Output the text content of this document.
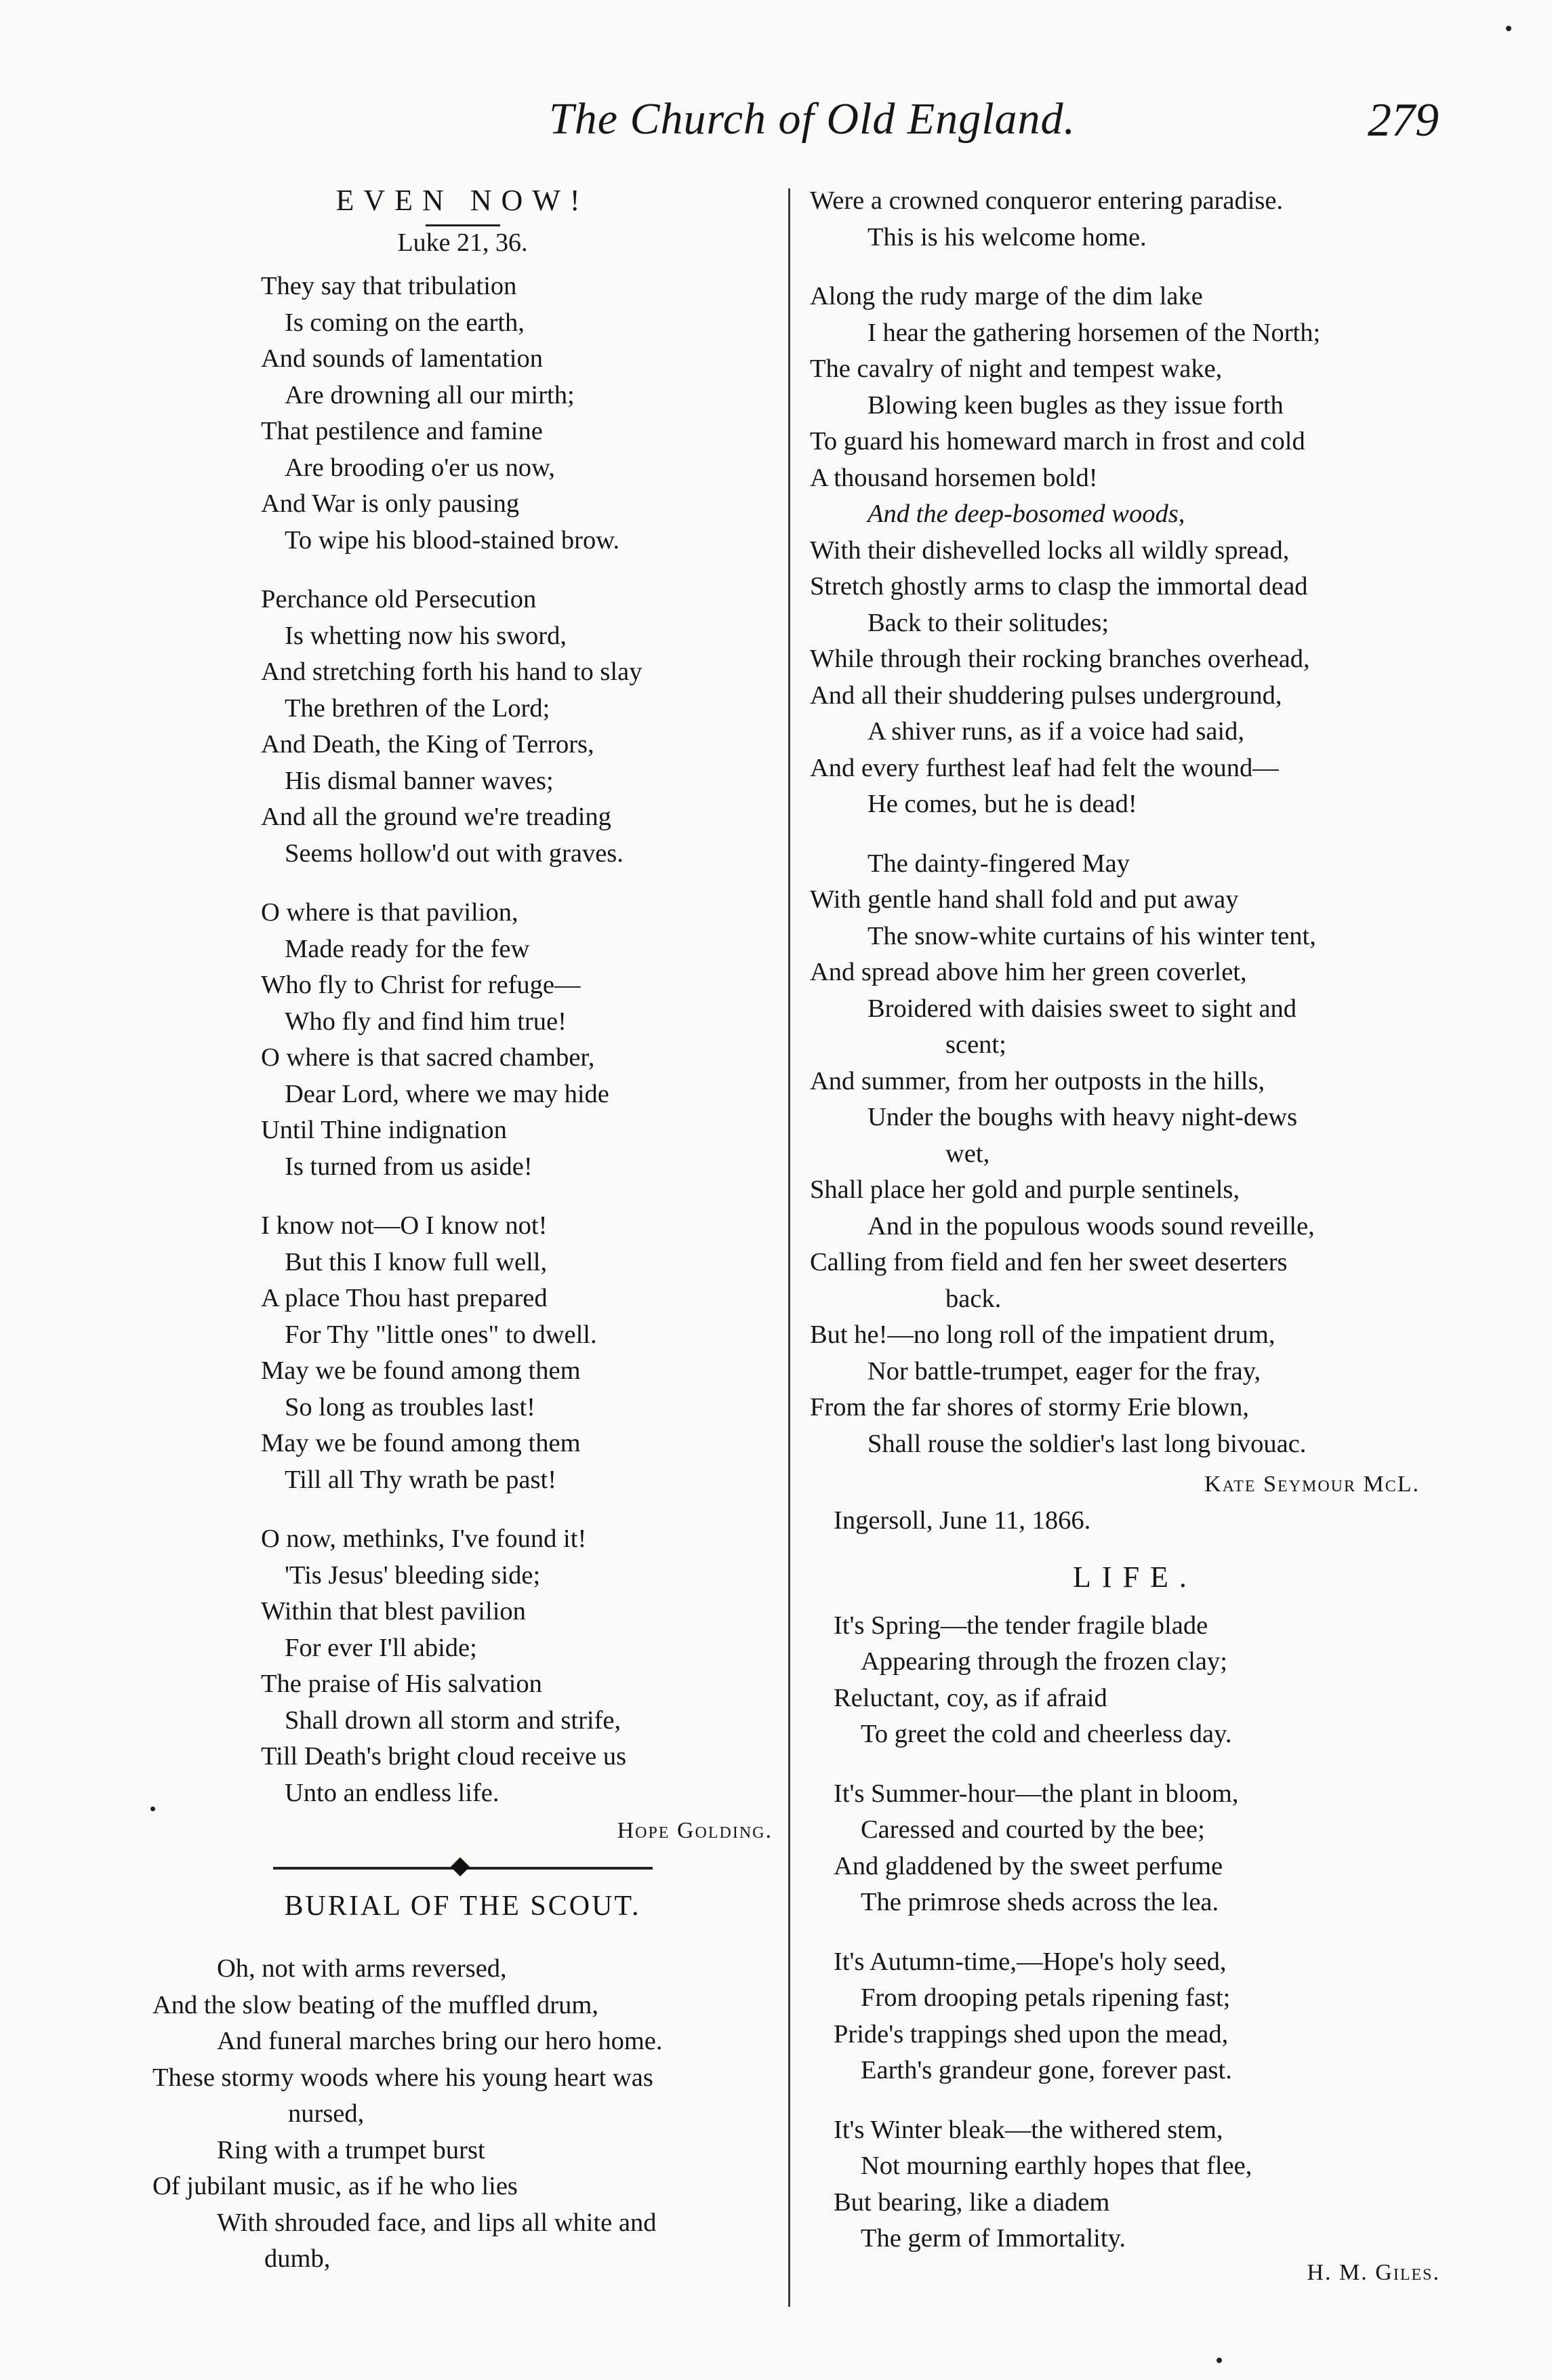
The Church of Old England.	279
EVEN NOW!
Luke 21, 36.
They say that tribulation
Is coming on the earth,
And sounds of lamentation
Are drowning all our mirth;
That pestilence and famine
Are brooding o'er us now,
And War is only pausing
To wipe his blood-stained brow.
Perchance old Persecution
Is whetting now his sword,
And stretching forth his hand to slay
The brethren of the Lord;
And Death, the King of Terrors,
His dismal banner waves;
And all the ground we're treading
Seems hollow'd out with graves.
O where is that pavilion,
Made ready for the few
Who fly to Christ for refuge—
Who fly and find him true!
O where is that sacred chamber,
Dear Lord, where we may hide
Until Thine indignation
Is turned from us aside!
I know not—O I know not!
But this I know full well,
A place Thou hast prepared
For Thy "little ones" to dwell.
May we be found among them
So long as troubles last!
May we be found among them
Till all Thy wrath be past!
O now, methinks, I've found it!
'Tis Jesus' bleeding side;
Within that blest pavilion
For ever I'll abide;
The praise of His salvation
Shall drown all storm and strife,
Till Death's bright cloud receive us
Unto an endless life.
Hope Golding.
BURIAL OF THE SCOUT.
Oh, not with arms reversed,
And the slow beating of the muffled drum,
And funeral marches bring our hero home.
These stormy woods where his young heart was
nursed,
Ring with a trumpet burst
Of jubilant music, as if he who lies
With shrouded face, and lips all white and
dumb,
Were a crowned conqueror entering paradise.
This is his welcome home.
Along the rudy marge of the dim lake
I hear the gathering horsemen of the North;
The cavalry of night and tempest wake,
Blowing keen bugles as they issue forth
To guard his homeward march in frost and cold
A thousand horsemen bold!
And the deep-bosomed woods,
With their dishevelled locks all wildly spread,
Stretch ghostly arms to clasp the immortal dead
Back to their solitudes;
While through their rocking branches overhead,
And all their shuddering pulses underground,
A shiver runs, as if a voice had said,
And every furthest leaf had felt the wound—
He comes, but he is dead!
The dainty-fingered May
With gentle hand shall fold and put away
The snow-white curtains of his winter tent,
And spread above him her green coverlet,
Broidered with daisies sweet to sight and
scent;
And summer, from her outposts in the hills,
Under the boughs with heavy night-dews
wet,
Shall place her gold and purple sentinels,
And in the populous woods sound reveille,
Calling from field and fen her sweet deserters
back.
But he!—no long roll of the impatient drum,
Nor battle-trumpet, eager for the fray,
From the far shores of stormy Erie blown,
Shall rouse the soldier's last long bivouac.
Kate Seymour McL.
Ingersoll, June 11, 1866.
LIFE.
It's Spring—the tender fragile blade
Appearing through the frozen clay;
Reluctant, coy, as if afraid
To greet the cold and cheerless day.
It's Summer-hour—the plant in bloom,
Caressed and courted by the bee;
And gladdened by the sweet perfume
The primrose sheds across the lea.
It's Autumn-time,—Hope's holy seed,
From drooping petals ripening fast;
Pride's trappings shed upon the mead,
Earth's grandeur gone, forever past.
It's Winter bleak—the withered stem,
Not mourning earthly hopes that flee,
But bearing, like a diadem
The germ of Immortality.
H. M. Giles.
